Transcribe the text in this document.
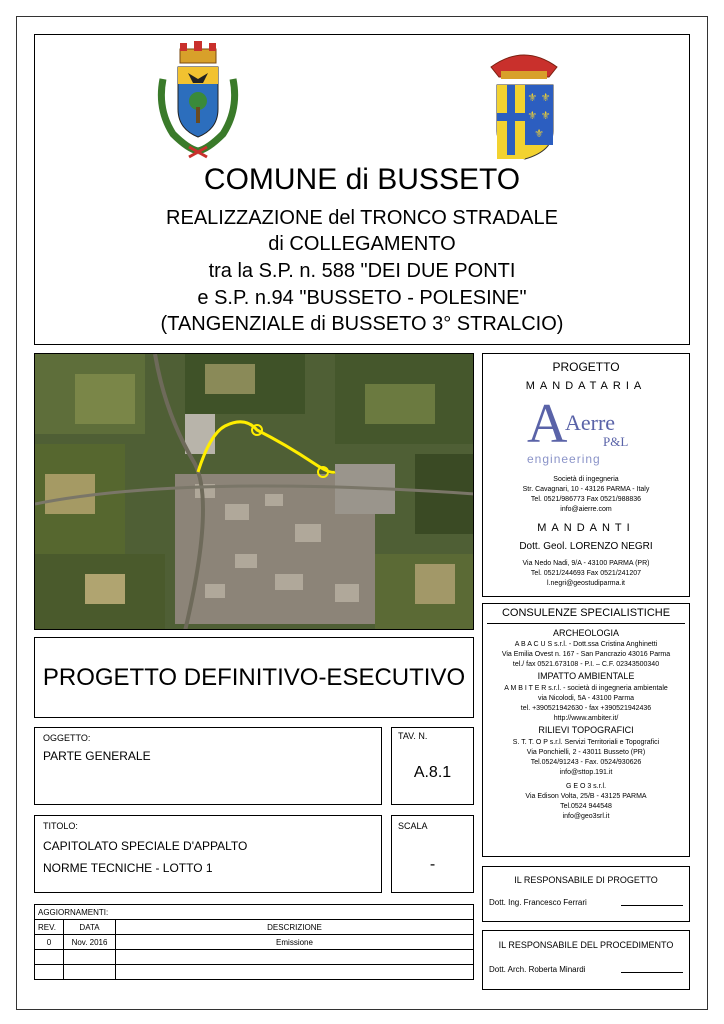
⚜ ⚜
⚜ ⚜
⚜
COMUNE di BUSSETO
REALIZZAZIONE del TRONCO STRADALE
di COLLEGAMENTO
tra la S.P. n. 588 "DEI DUE PONTI
e S.P. n.94 "BUSSETO - POLESINE"
(TANGENZIALE di BUSSETO 3° STRALCIO)
PROGETTO
MANDATARIA
A
Aerre
P&L
engineering
Società di ingegneria
Str. Cavagnari, 10 - 43126 PARMA - Italy
Tel. 0521/986773 Fax 0521/988836
info@aierre.com
MANDANTI
Dott. Geol. LORENZO NEGRI
Via Nedo Nadi, 9/A - 43100 PARMA (PR)
Tel. 0521/244693 Fax 0521/241207
l.negri@geostudiparma.it
CONSULENZE SPECIALISTICHE
ARCHEOLOGIA
A B A C U S s.r.l. - Dott.ssa Cristina Anghinetti
Via Emilia Ovest n. 167 - San Pancrazio 43016 Parma
tel./ fax 0521.673108 - P.I. – C.F. 02343500340
IMPATTO AMBIENTALE
A M B I T E R s.r.l. - società di ingegneria ambientale
via Nicolodi, 5A - 43100 Parma
tel. +390521942630 - fax +390521942436
http://www.ambiter.it/
RILIEVI TOPOGRAFICI
S. T. T. O P s.r.l. Servizi Territoriali e Topografici
Via Ponchielli, 2 - 43011 Busseto (PR)
Tel.0524/91243 - Fax. 0524/930626
info@sttop.191.it
G E O 3 s.r.l.
Via Edison Volta, 25/B - 43125 PARMA
Tel.0524 944548
info@geo3srl.it
PROGETTO DEFINITIVO-ESECUTIVO
OGGETTO:
PARTE GENERALE
TAV. N.
A.8.1
TITOLO:
CAPITOLATO SPECIALE D'APPALTO
NORME TECNICHE - LOTTO 1
SCALA
-
IL RESPONSABILE DI PROGETTO
Dott. Ing. Francesco Ferrari
IL RESPONSABILE DEL PROCEDIMENTO
Dott. Arch. Roberta Minardi
AGGIORNAMENTI:		
REV.	DATA	DESCRIZIONE
0	Nov. 2016	Emissione
